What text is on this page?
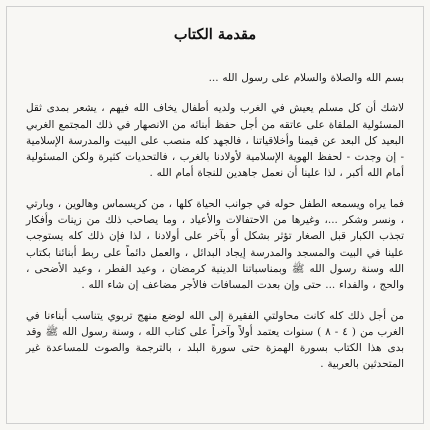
مقدمة الكتاب

بسم الله والصلاة والسلام على رسول الله ...

لاشك أن كل مسلم يعيش في الغرب ولديه أطفال يخاف الله فيهم ، يشعر بمدى ثقل المسئولية الملقاة على عاتقه من أجل حفظ أبنائه من الانصهار في ذلك المجتمع الغربي البعيد كل البعد عن قيمنا وأخلاقياتنا ، فالجهد كله منصب على البيت والمدرسة الإسلامية - إن وجدت - لحفظ الهوية الإسلامية لأولادنا بالغرب ، فالتحديات كثيرة ولكن المسئولية أمام الله أكبر ، لذا علينا أن نعمل جاهدين للنجاة أمام الله .

فما يراه ويسمعه الطفل حوله في جوانب الحياة كلها ، من كريسماس وهالوين ، وبارتي ، ونسر وشكر ...، وغيرها من الاحتفالات والأعياد ، وما يصاحب ذلك من زينات وأفكار تجذب الكبار قبل الصغار تؤثر بشكل أو بآخر على أولادنا ، لذا فإن ذلك كله يستوجب علينا في البيت والمسجد والمدرسة إيجاد البدائل ، والعمل دائماً على ربط أبنائنا بكتاب الله وسنة رسول الله ﷺ وبمناسباتنا الدينية كرمضان ، وعيد الفطر ، وعيد الأضحى ، والحج ، والفداء ... حتى وإن بعدت المسافات فالأجر مضاعف إن شاء الله .

من أجل ذلك كله كانت محاولتي الفقيرة إلى الله لوضع منهج تربوي يتناسب أبناءنا في الغرب من ( ٤ - ٨ ) سنوات يعتمد أولاً وآخراً على كتاب الله ، وسنة رسول الله ﷺ وقد بدى هذا الكتاب بسورة الهمزة حتى سورة البلد ، بالترجمة والصوت للمساعدة غير المتحدثين بالعربية .
